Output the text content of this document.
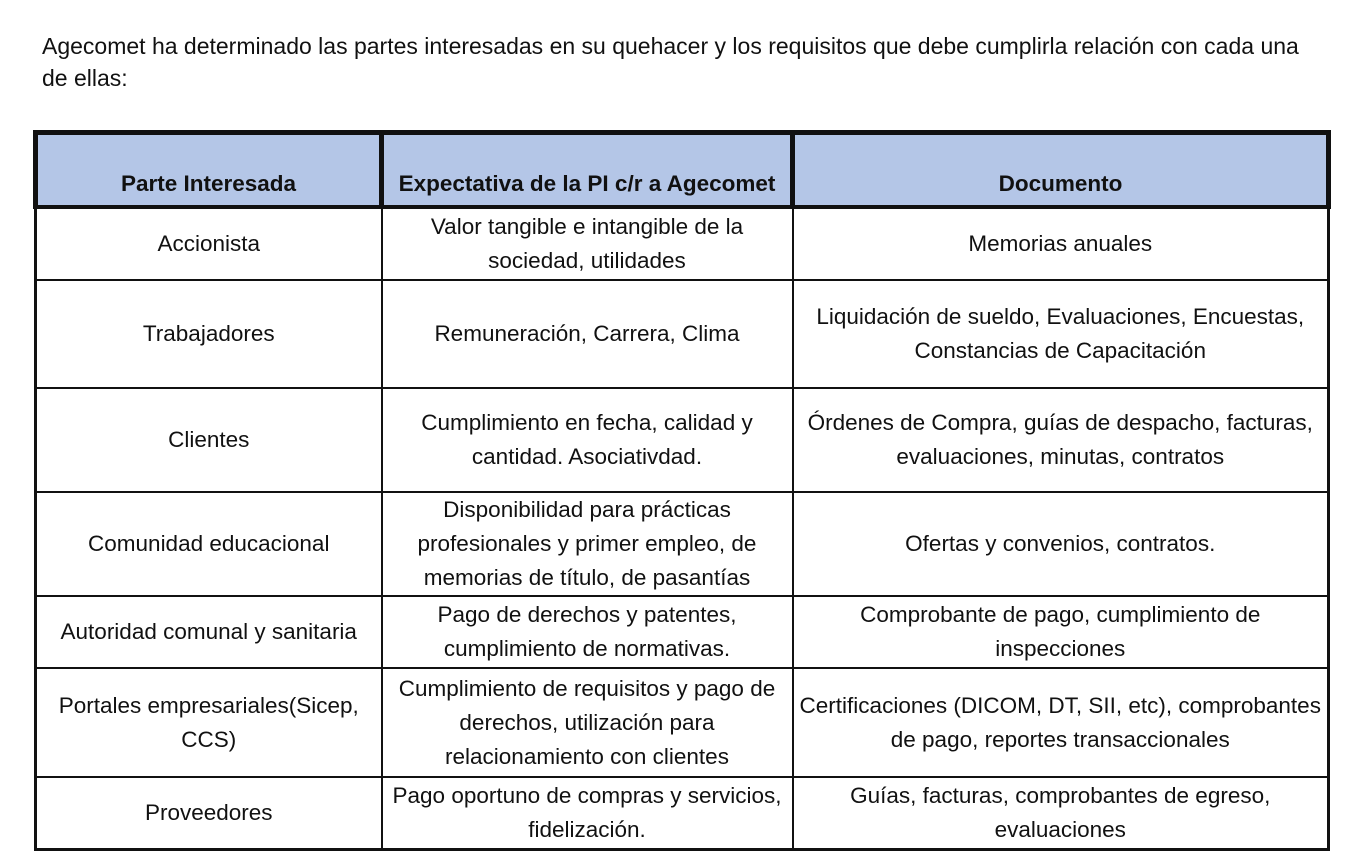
Agecomet ha determinado las partes interesadas en su quehacer y los requisitos que debe cumplirla relación con cada una de ellas:

Parte Interesada	Expectativa de la PI c/r a Agecomet	Documento
Accionista	Valor tangible e intangible de la sociedad, utilidades	Memorias anuales
Trabajadores	Remuneración, Carrera, Clima	Liquidación de sueldo, Evaluaciones, Encuestas, Constancias de Capacitación
Clientes	Cumplimiento en fecha, calidad y cantidad. Asociativdad.	Órdenes de Compra, guías de despacho, facturas, evaluaciones, minutas, contratos
Comunidad educacional	Disponibilidad para prácticas profesionales y primer empleo, de memorias de título, de pasantías	Ofertas y convenios, contratos.
Autoridad comunal y sanitaria	Pago de derechos y patentes, cumplimiento de normativas.	Comprobante de pago, cumplimiento de inspecciones
Portales empresariales(Sicep, CCS)	Cumplimiento de requisitos y pago de derechos, utilización para relacionamiento con clientes	Certificaciones (DICOM, DT, SII, etc), comprobantes de pago, reportes transaccionales
Proveedores	Pago oportuno de compras y servicios, fidelización.	Guías, facturas, comprobantes de egreso, evaluaciones
